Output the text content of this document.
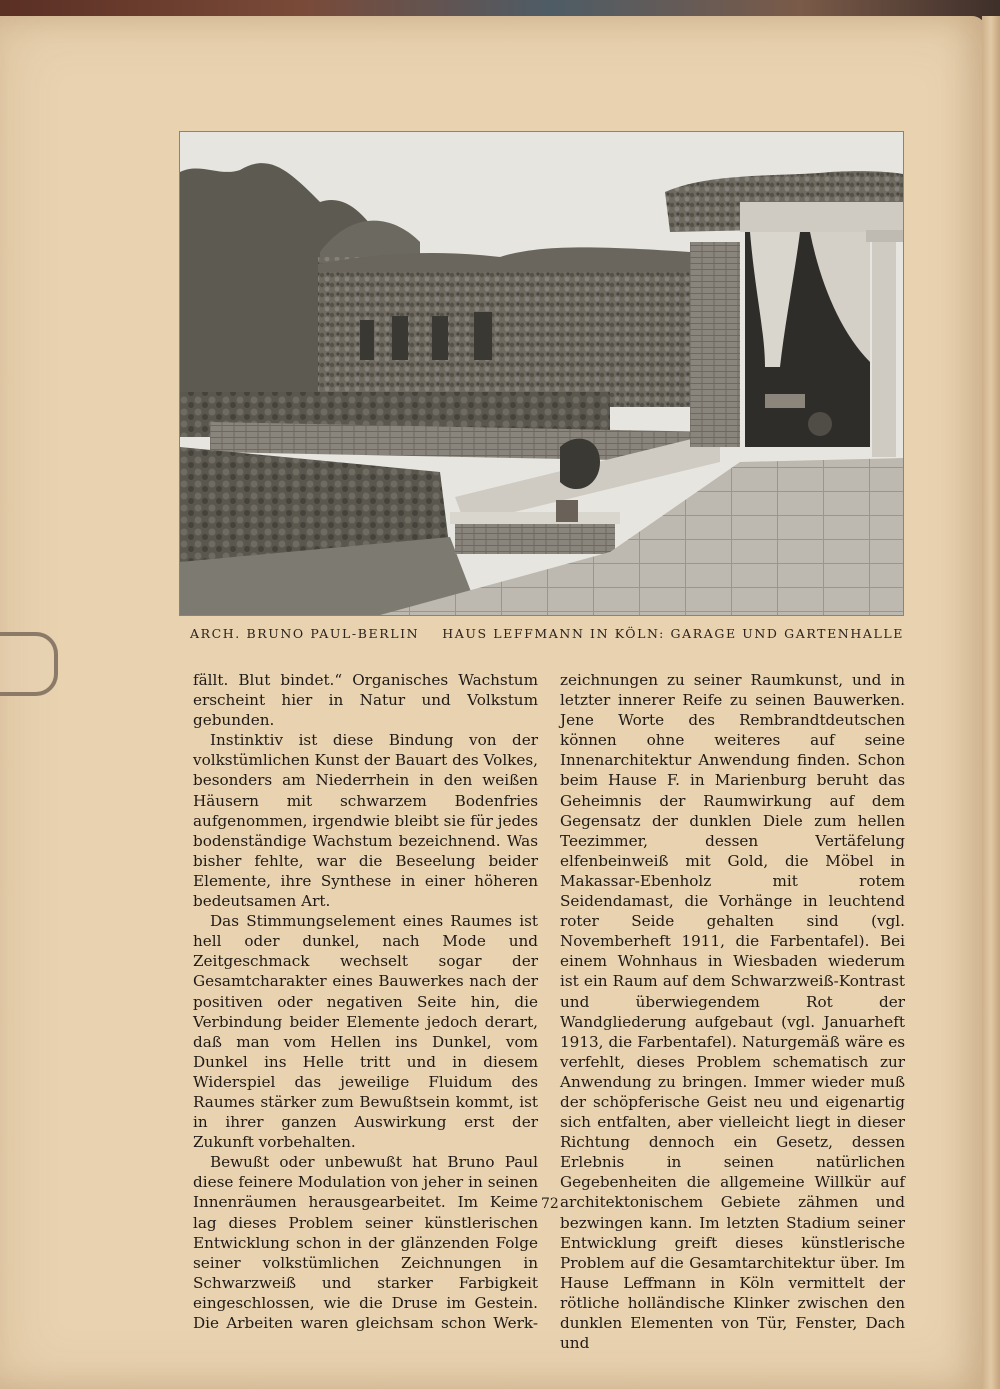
ARCH. BRUNO PAUL-BERLIN HAUS LEFFMANN IN KÖLN: GARAGE UND GARTENHALLE

fällt. Blut bindet.“ Organisches Wachstum erscheint hier in Natur und Volkstum gebunden.

Instinktiv ist diese Bindung von der volkstümlichen Kunst der Bauart des Volkes, besonders am Niederrhein in den weißen Häusern mit schwarzem Bodenfries aufgenommen, irgendwie bleibt sie für jedes bodenständige Wachstum bezeichnend. Was bisher fehlte, war die Beseelung beider Elemente, ihre Synthese in einer höheren bedeutsamen Art.

Das Stimmungselement eines Raumes ist hell oder dunkel, nach Mode und Zeitgeschmack wechselt sogar der Gesamtcharakter eines Bauwerkes nach der positiven oder negativen Seite hin, die Verbindung beider Elemente jedoch derart, daß man vom Hellen ins Dunkel, vom Dunkel ins Helle tritt und in diesem Widerspiel das jeweilige Fluidum des Raumes stärker zum Bewußtsein kommt, ist in ihrer ganzen Auswirkung erst der Zukunft vorbehalten.

Bewußt oder unbewußt hat Bruno Paul diese feinere Modulation von jeher in seinen Innenräumen herausgearbeitet. Im Keime lag dieses Problem seiner künstlerischen Entwicklung schon in der glänzenden Folge seiner volkstümlichen Zeichnungen in Schwarzweiß und starker Farbigkeit eingeschlossen, wie die Druse im Gestein. Die Arbeiten waren gleichsam schon Werk-

zeichnungen zu seiner Raumkunst, und in letzter innerer Reife zu seinen Bauwerken. Jene Worte des Rembrandtdeutschen können ohne weiteres auf seine Innenarchitektur Anwendung finden. Schon beim Hause F. in Marienburg beruht das Geheimnis der Raumwirkung auf dem Gegensatz der dunklen Diele zum hellen Teezimmer, dessen Vertäfelung elfenbeinweiß mit Gold, die Möbel in Makassar-Ebenholz mit rotem Seidendamast, die Vorhänge in leuchtend roter Seide gehalten sind (vgl. Novemberheft 1911, die Farbentafel). Bei einem Wohnhaus in Wiesbaden wiederum ist ein Raum auf dem Schwarzweiß-Kontrast und überwiegendem Rot der Wandgliederung aufgebaut (vgl. Januarheft 1913, die Farbentafel). Naturgemäß wäre es verfehlt, dieses Problem schematisch zur Anwendung zu bringen. Immer wieder muß der schöpferische Geist neu und eigenartig sich entfalten, aber vielleicht liegt in dieser Richtung dennoch ein Gesetz, dessen Erlebnis in seinen natürlichen Gegebenheiten die allgemeine Willkür auf architektonischem Gebiete zähmen und bezwingen kann. Im letzten Stadium seiner Entwicklung greift dieses künstlerische Problem auf die Gesamtarchitektur über. Im Hause Leffmann in Köln vermittelt der rötliche holländische Klinker zwischen den dunklen Elementen von Tür, Fenster, Dach und

72
